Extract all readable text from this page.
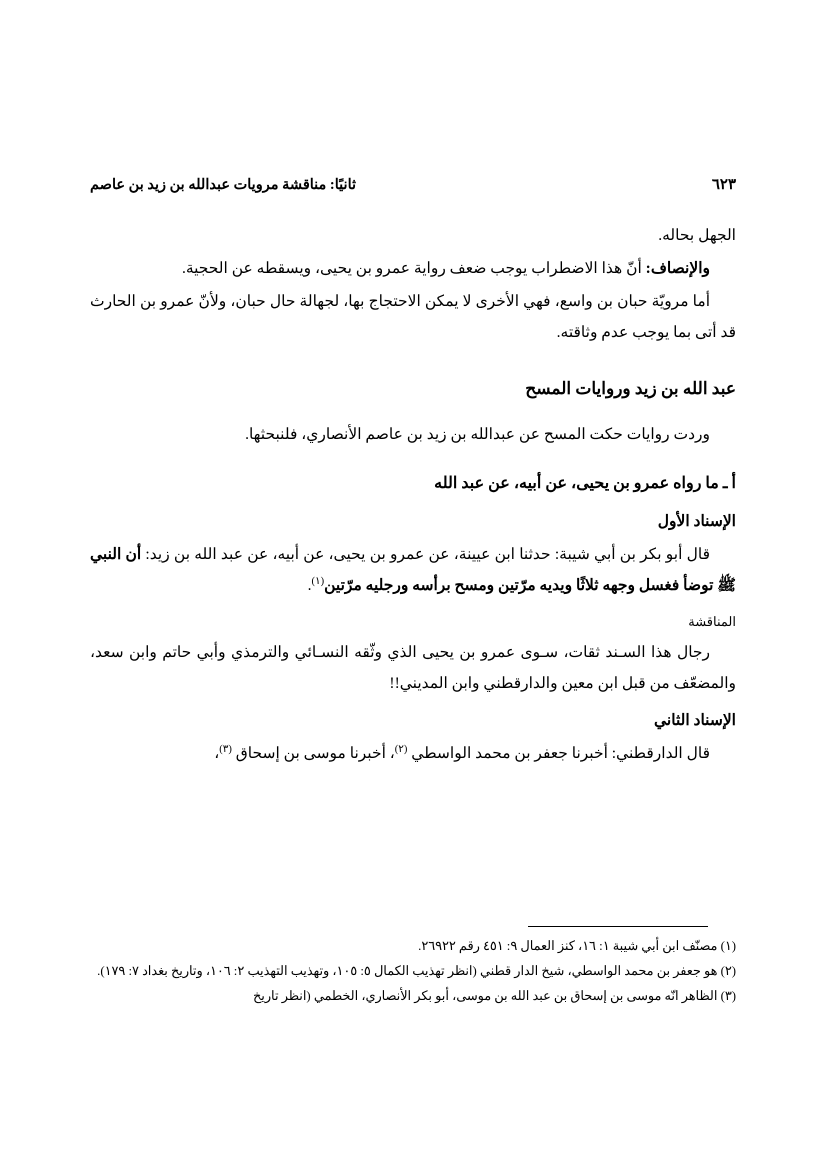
ثانيًا: مناقشة مرويات عبدالله بن زيد بن عاصم	٦٢٣

الجهل بحاله.

والإنصاف: أنّ هذا الاضطراب يوجب ضعف رواية عمرو بن يحيى، ويسقطه عن الحجية.

أما مرويّة حبان بن واسع، فهي الأخرى لا يمكن الاحتجاج بها، لجهالة حال حبان، ولأنّ عمرو بن الحارث قد أتى بما يوجب عدم وثاقته.

عبد الله بن زيد وروايات المسح

وردت روايات حكت المسح عن عبدالله بن زيد بن عاصم الأنصاري، فلنبحثها.

أ ـ ما رواه عمرو بن يحيى، عن أبيه، عن عبد الله

الإسناد الأول

قال أبو بكر بن أبي شيبة: حدثنا ابن عيينة، عن عمرو بن يحيى، عن أبيه، عن عبد الله بن زيد: أن النبي ﷺ توضأ فغسل وجهه ثلاثًا ويديه مرّتين ومسح برأسه ورجليه مرّتين$^{(١)}$.

المناقشة

رجال هذا السـند ثقات، سـوى عمرو بن يحيى الذي وثّقه النسـائي والترمذي وأبي حاتم وابن سعد، والمضعّف من قبل ابن معين والدارقطني وابن المديني!!

الإسناد الثاني

قال الدارقطني: أخبرنا جعفر بن محمد الواسطي $^{(٢)}$، أخبرنا موسى بن إسحاق $^{(٣)}$،

(١) مصنّف ابن أبي شيبة ١: ١٦، كنز العمال ٩: ٤٥١ رقم ٢٦٩٢٢.

(٢) هو جعفر بن محمد الواسطي، شيخ الدار قطني (انظر تهذيب الكمال ٥: ١٠٥، وتهذيب التهذيب ٢: ١٠٦، وتاريخ بغداد ٧: ١٧٩).

(٣) الظاهر انّه موسى بن إسحاق بن عبد الله بن موسى، أبو بكر الأنصاري، الخطمي (انظر تاريخ
